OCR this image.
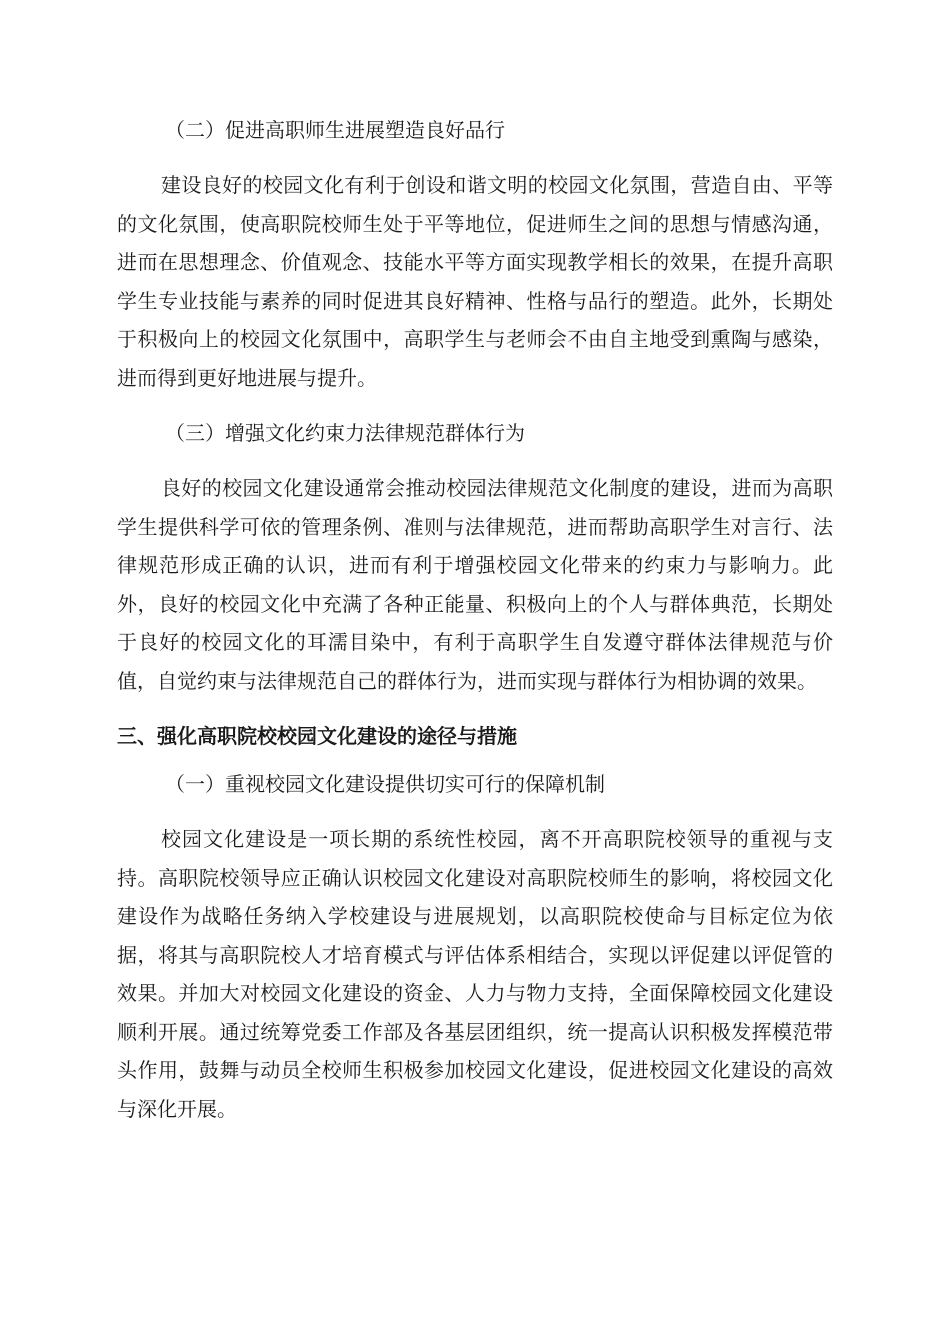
（二）促进高职师生进展塑造良好品行

建设良好的校园文化有利于创设和谐文明的校园文化氛围，营造自由、平等的文化氛围，使高职院校师生处于平等地位，促进师生之间的思想与情感沟通，进而在思想理念、价值观念、技能水平等方面实现教学相长的效果，在提升高职学生专业技能与素养的同时促进其良好精神、性格与品行的塑造。此外，长期处于积极向上的校园文化氛围中，高职学生与老师会不由自主地受到熏陶与感染，进而得到更好地进展与提升。

（三）增强文化约束力法律规范群体行为

良好的校园文化建设通常会推动校园法律规范文化制度的建设，进而为高职学生提供科学可依的管理条例、准则与法律规范，进而帮助高职学生对言行、法律规范形成正确的认识，进而有利于增强校园文化带来的约束力与影响力。此外，良好的校园文化中充满了各种正能量、积极向上的个人与群体典范，长期处于良好的校园文化的耳濡目染中，有利于高职学生自发遵守群体法律规范与价值，自觉约束与法律规范自己的群体行为，进而实现与群体行为相协调的效果。

三、强化高职院校校园文化建设的途径与措施
（一）重视校园文化建设提供切实可行的保障机制

校园文化建设是一项长期的系统性校园，离不开高职院校领导的重视与支持。高职院校领导应正确认识校园文化建设对高职院校师生的影响，将校园文化建设作为战略任务纳入学校建设与进展规划，以高职院校使命与目标定位为依据，将其与高职院校人才培育模式与评估体系相结合，实现以评促建以评促管的效果。并加大对校园文化建设的资金、人力与物力支持，全面保障校园文化建设顺利开展。通过统筹党委工作部及各基层团组织，统一提高认识积极发挥模范带头作用，鼓舞与动员全校师生积极参加校园文化建设，促进校园文化建设的高效与深化开展。
